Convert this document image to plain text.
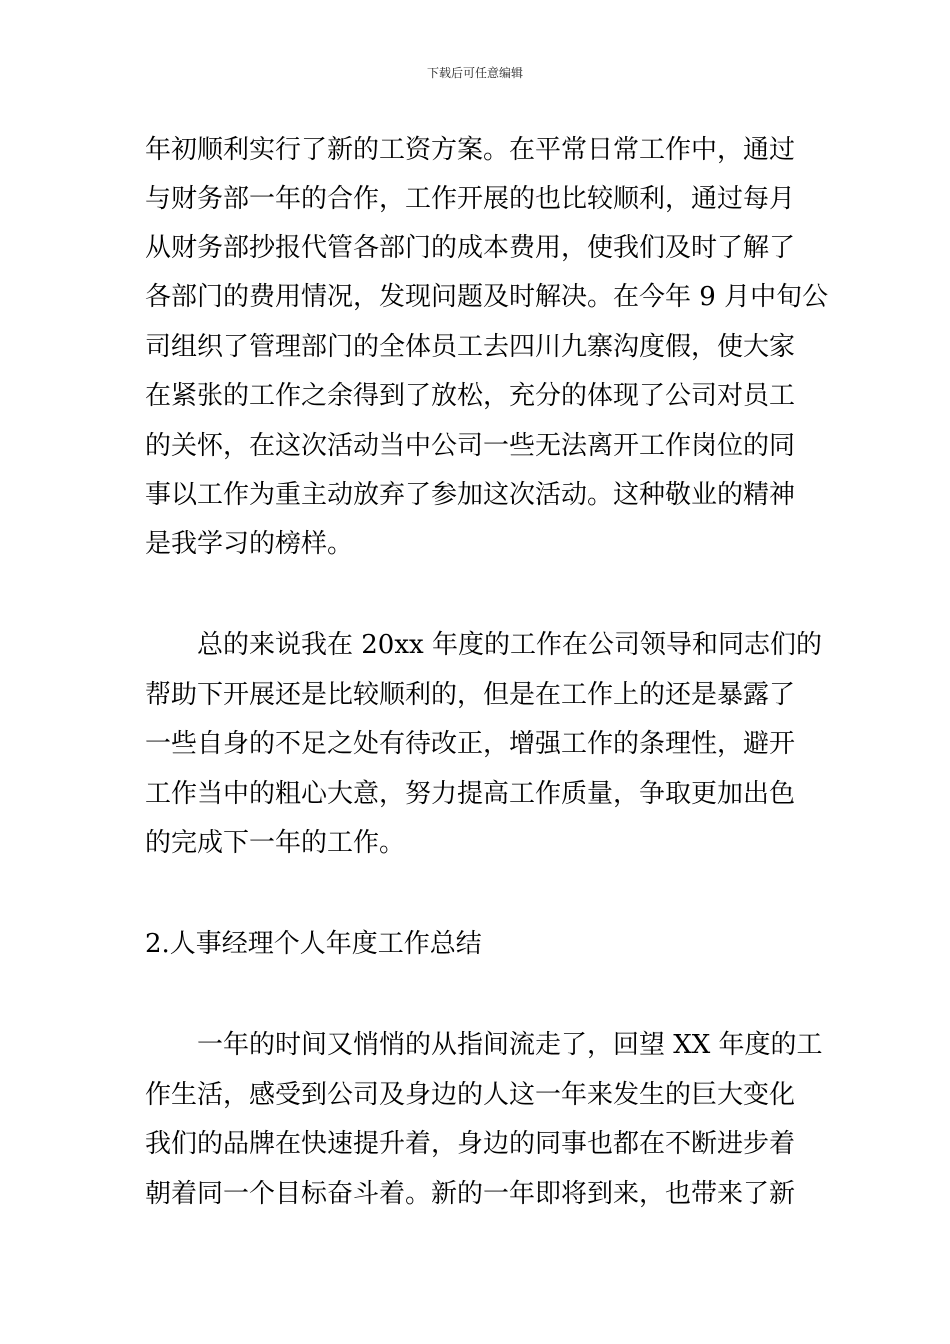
下载后可任意编辑
年初顺利实行了新的工资方案。在平常日常工作中，通过
与财务部一年的合作，工作开展的也比较顺利，通过每月
从财务部抄报代管各部门的成本费用，使我们及时了解了
各部门的费用情况，发现问题及时解决。在今年 9 月中旬公
司组织了管理部门的全体员工去四川九寨沟度假，使大家
在紧张的工作之余得到了放松，充分的体现了公司对员工
的关怀，在这次活动当中公司一些无法离开工作岗位的同
事以工作为重主动放弃了参加这次活动。这种敬业的精神
是我学习的榜样。
总的来说我在 20xx 年度的工作在公司领导和同志们的
帮助下开展还是比较顺利的，但是在工作上的还是暴露了
一些自身的不足之处有待改正，增强工作的条理性，避开
工作当中的粗心大意，努力提高工作质量，争取更加出色
的完成下一年的工作。
2.人事经理个人年度工作总结
一年的时间又悄悄的从指间流走了，回望 XX 年度的工
作生活，感受到公司及身边的人这一年来发生的巨大变化
我们的品牌在快速提升着，身边的同事也都在不断进步着
朝着同一个目标奋斗着。新的一年即将到来，也带来了新
